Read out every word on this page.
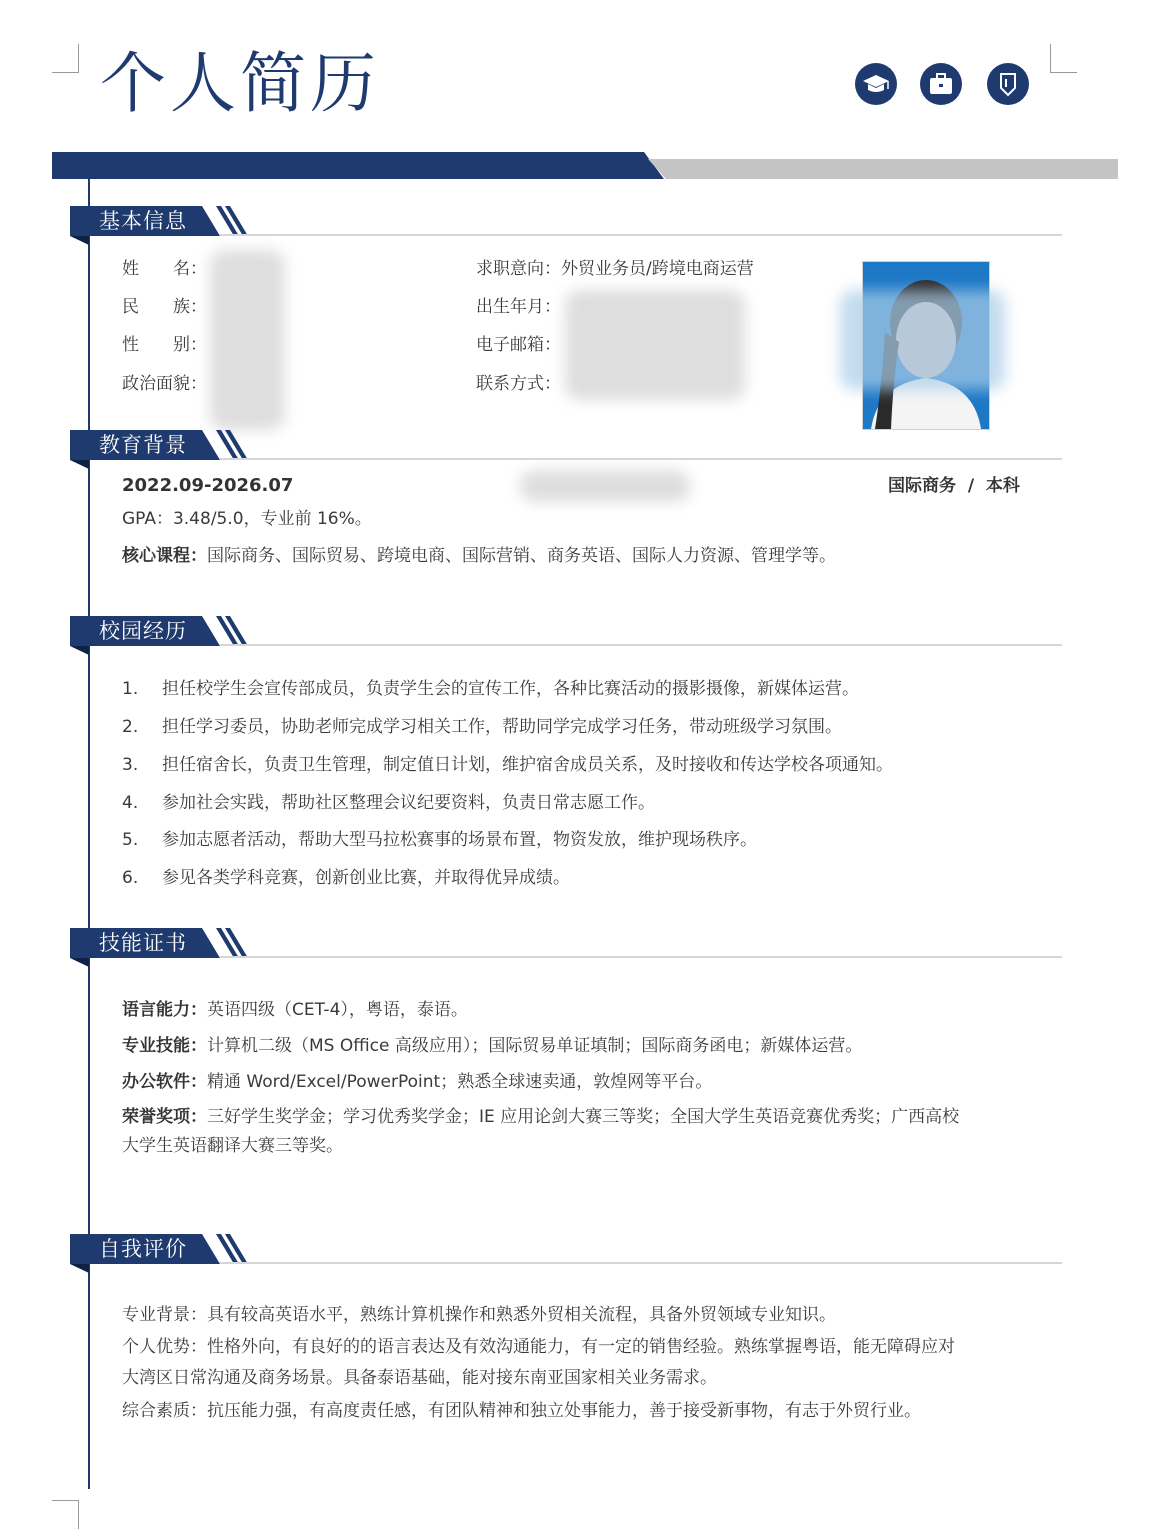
个人简历
基本信息
姓　　名：
民　　族：
性　　别：
政治面貌：
求职意向：外贸业务员/跨境电商运营
出生年月：
电子邮箱：
联系方式：
教育背景
2022.09-2026.07	国际商务  /  本科
GPA：3.48/5.0，专业前 16%。
核心课程：国际商务、国际贸易、跨境电商、国际营销、商务英语、国际人力资源、管理学等。
校园经历
1. 担任校学生会宣传部成员，负责学生会的宣传工作，各种比赛活动的摄影摄像，新媒体运营。
2. 担任学习委员，协助老师完成学习相关工作，帮助同学完成学习任务，带动班级学习氛围。
3. 担任宿舍长，负责卫生管理，制定值日计划，维护宿舍成员关系，及时接收和传达学校各项通知。
4. 参加社会实践，帮助社区整理会议纪要资料，负责日常志愿工作。
5. 参加志愿者活动，帮助大型马拉松赛事的场景布置，物资发放，维护现场秩序。
6. 参见各类学科竞赛，创新创业比赛，并取得优异成绩。
技能证书
语言能力：英语四级（CET-4），粤语，泰语。
专业技能：计算机二级（MS Office 高级应用）；国际贸易单证填制；国际商务函电；新媒体运营。
办公软件：精通 Word/Excel/PowerPoint；熟悉全球速卖通，敦煌网等平台。
荣誉奖项：三好学生奖学金；学习优秀奖学金；IE 应用论剑大赛三等奖；全国大学生英语竞赛优秀奖；广西高校
大学生英语翻译大赛三等奖。
自我评价
专业背景：具有较高英语水平，熟练计算机操作和熟悉外贸相关流程，具备外贸领域专业知识。
个人优势：性格外向，有良好的的语言表达及有效沟通能力，有一定的销售经验。熟练掌握粤语，能无障碍应对
大湾区日常沟通及商务场景。具备泰语基础，能对接东南亚国家相关业务需求。
综合素质：抗压能力强，有高度责任感，有团队精神和独立处事能力，善于接受新事物，有志于外贸行业。
